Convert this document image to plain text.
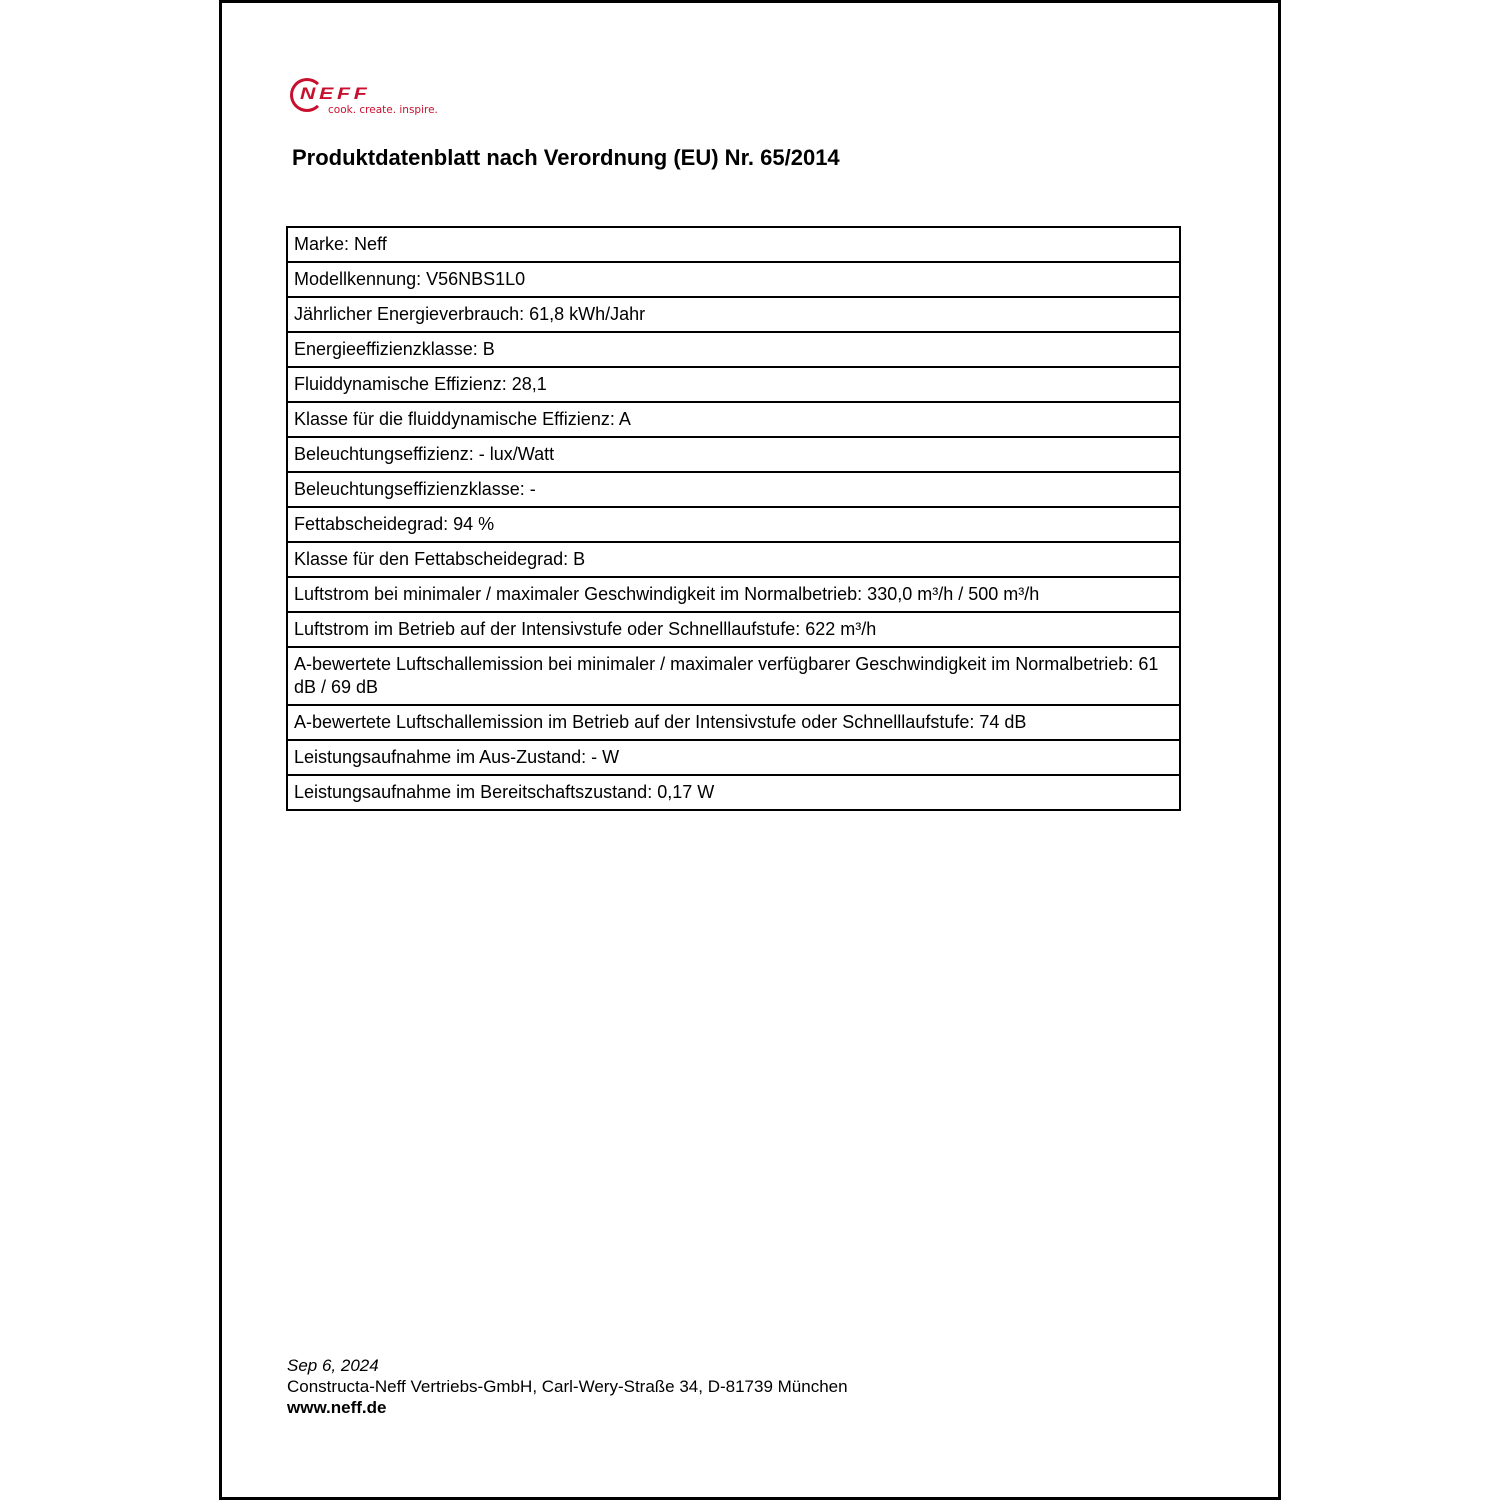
NEFF
cook. create. inspire.
Produktdatenblatt nach Verordnung (EU) Nr. 65/2014
Marke: Neff
Modellkennung: V56NBS1L0
Jährlicher Energieverbrauch: 61,8 kWh/Jahr
Energieeffizienzklasse: B
Fluiddynamische Effizienz: 28,1
Klasse für die fluiddynamische Effizienz: A
Beleuchtungseffizienz: - lux/Watt
Beleuchtungseffizienzklasse: -
Fettabscheidegrad: 94 %
Klasse für den Fettabscheidegrad: B
Luftstrom bei minimaler / maximaler Geschwindigkeit im Normalbetrieb: 330,0 m³/h / 500 m³/h
Luftstrom im Betrieb auf der Intensivstufe oder Schnelllaufstufe: 622 m³/h
A-bewertete Luftschallemission bei minimaler / maximaler verfügbarer Geschwindigkeit im Normalbetrieb: 61 dB / 69 dB
A-bewertete Luftschallemission im Betrieb auf der Intensivstufe oder Schnelllaufstufe: 74 dB
Leistungsaufnahme im Aus-Zustand: - W
Leistungsaufnahme im Bereitschaftszustand: 0,17 W
Sep 6, 2024
Constructa-Neff Vertriebs-GmbH, Carl-Wery-Straße 34, D-81739 München
www.neff.de
